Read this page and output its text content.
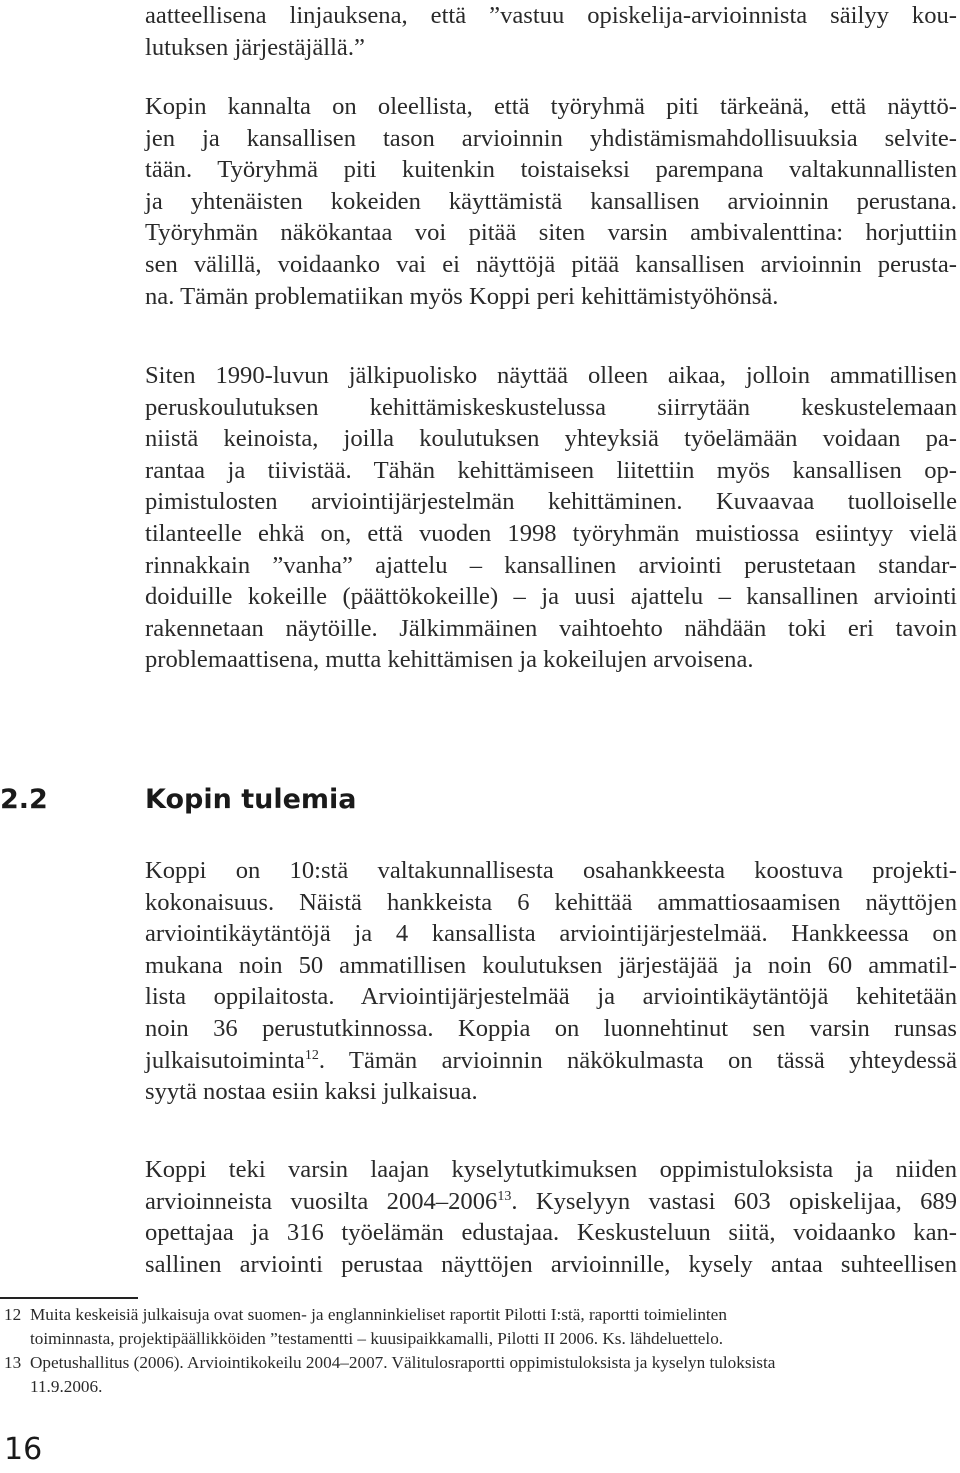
aatteellisena linjauksena, että ”vastuu opiskelija-arvioinnista säilyy kou-
lutuksen järjestäjällä.”
Kopin kannalta on oleellista, että työryhmä piti tärkeänä, että näyttö-
jen ja kansallisen tason arvioinnin yhdistämismahdollisuuksia selvite-
tään. Työryhmä piti kuitenkin toistaiseksi parempana valtakunnallisten
ja yhtenäisten kokeiden käyttämistä kansallisen arvioinnin perustana.
Työryhmän näkökantaa voi pitää siten varsin ambivalenttina: horjuttiin
sen välillä, voidaanko vai ei näyttöjä pitää kansallisen arvioinnin perusta-
na. Tämän problematiikan myös Koppi peri kehittämistyöhönsä.
Siten 1990-luvun jälkipuolisko näyttää olleen aikaa, jolloin ammatillisen
peruskoulutuksen kehittämiskeskustelussa siirrytään keskustelemaan
niistä keinoista, joilla koulutuksen yhteyksiä työelämään voidaan pa-
rantaa ja tiivistää. Tähän kehittämiseen liitettiin myös kansallisen op-
pimistulosten arviointijärjestelmän kehittäminen. Kuvaavaa tuolloiselle
tilanteelle ehkä on, että vuoden 1998 työryhmän muistiossa esiintyy vielä
rinnakkain ”vanha” ajattelu – kansallinen arviointi perustetaan standar-
doiduille kokeille (päättökokeille) – ja uusi ajattelu – kansallinen arviointi
rakennetaan näytöille. Jälkimmäinen vaihtoehto nähdään toki eri tavoin
problemaattisena, mutta kehittämisen ja kokeilujen arvoisena.
2.2	Kopin tulemia
Koppi on 10:stä valtakunnallisesta osahankkeesta koostuva projekti-
kokonaisuus. Näistä hankkeista 6 kehittää ammattiosaamisen näyttöjen
arviointikäytäntöjä ja 4 kansallista arviointijärjestelmää. Hankkeessa on
mukana noin 50 ammatillisen koulutuksen järjestäjää ja noin 60 ammatil-
lista oppilaitosta. Arviointijärjestelmää ja arviointikäytäntöjä kehitetään
noin 36 perustutkinnossa. Koppia on luonnehtinut sen varsin runsas
julkaisutoiminta$^{12}$. Tämän arvioinnin näkökulmasta on tässä yhteydessä
syytä nostaa esiin kaksi julkaisua.
Koppi teki varsin laajan kyselytutkimuksen oppimistuloksista ja niiden
arvioinneista vuosilta 2004–2006$^{13}$. Kyselyyn vastasi 603 opiskelijaa, 689
opettajaa ja 316 työelämän edustajaa. Keskusteluun siitä, voidaanko kan-
sallinen arviointi perustaa näyttöjen arvioinnille, kysely antaa suhteellisen
12 Muita keskeisiä julkaisuja ovat suomen- ja englanninkieliset raportit Pilotti I:stä, raportti toimielinten
toiminnasta, projektipäällikköiden ”testamentti – kuusipaikkamalli, Pilotti II 2006. Ks. lähdeluettelo.
13 Opetushallitus (2006). Arviointikokeilu 2004–2007. Välitulosraportti oppimistuloksista ja kyselyn tuloksista
11.9.2006.
16
